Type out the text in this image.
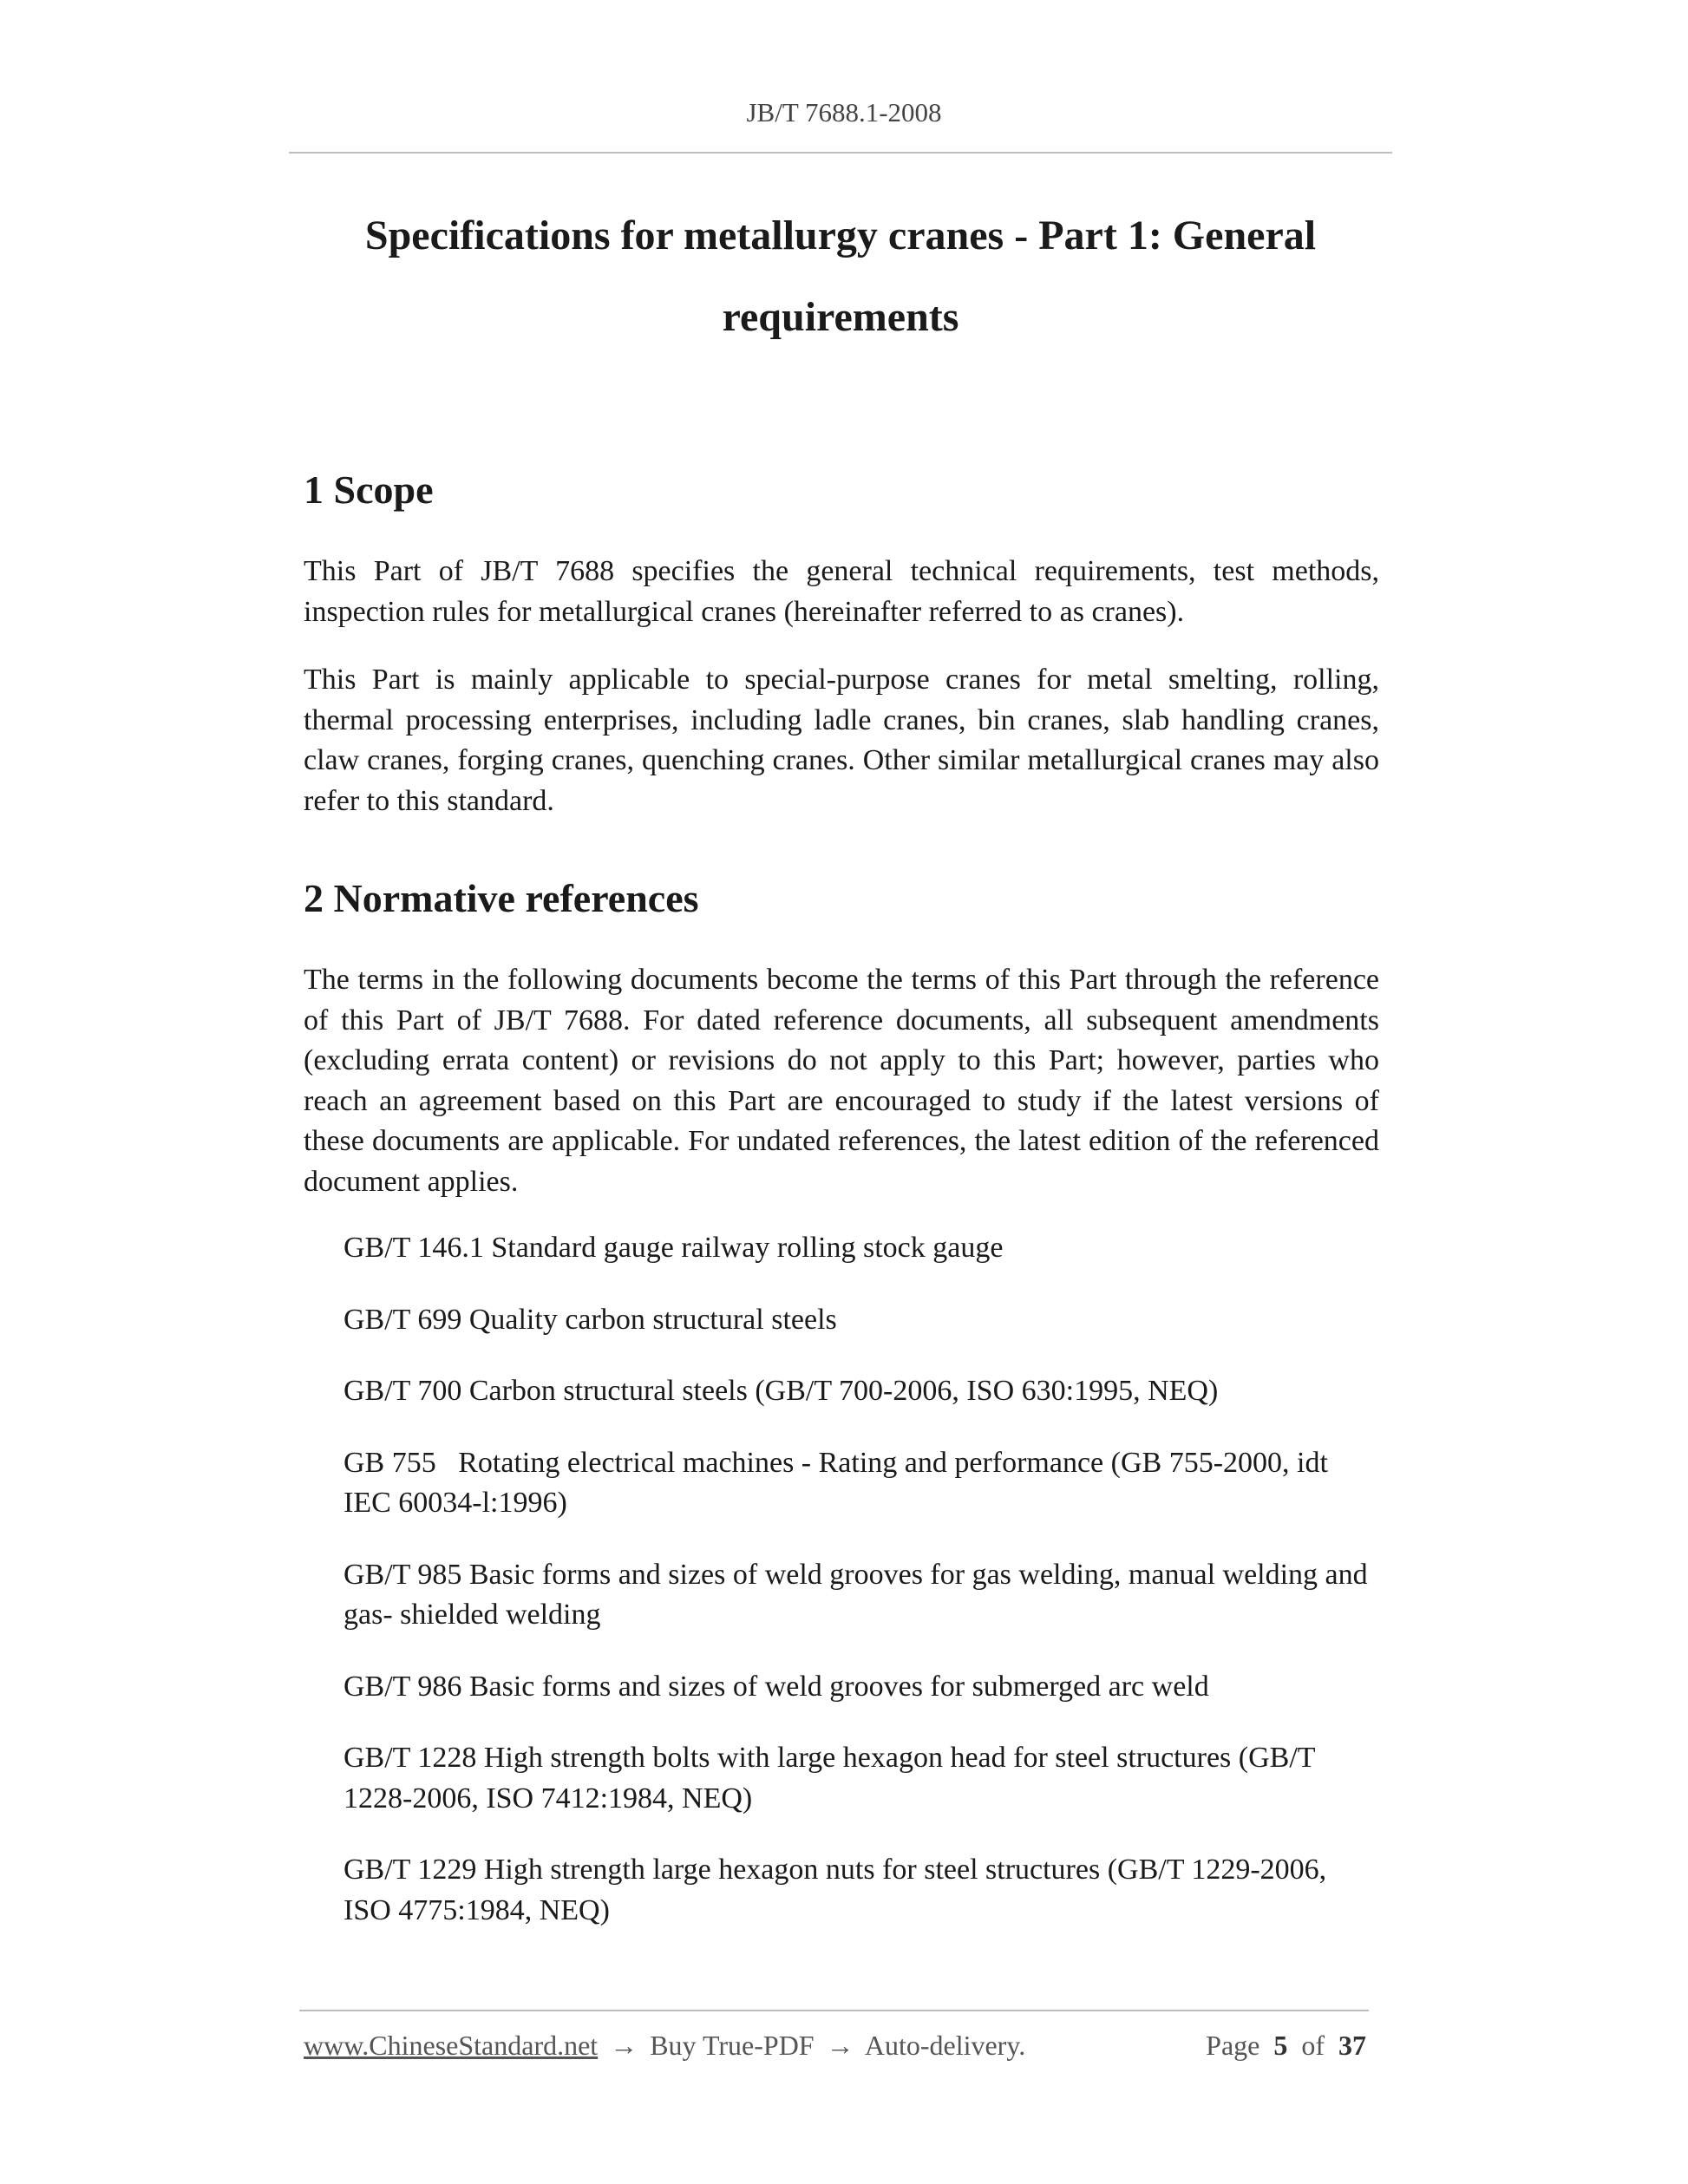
JB/T 7688.1-2008
Specifications for metallurgy cranes - Part 1: General
requirements
1 Scope

This Part of JB/T 7688 specifies the general technical requirements, test methods, inspection rules for metallurgical cranes (hereinafter referred to as cranes).

This Part is mainly applicable to special-purpose cranes for metal smelting, rolling, thermal processing enterprises, including ladle cranes, bin cranes, slab handling cranes, claw cranes, forging cranes, quenching cranes. Other similar metallurgical cranes may also refer to this standard.

2 Normative references

The terms in the following documents become the terms of this Part through the reference of this Part of JB/T 7688. For dated reference documents, all subsequent amendments (excluding errata content) or revisions do not apply to this Part; however, parties who reach an agreement based on this Part are encouraged to study if the latest versions of these documents are applicable. For undated references, the latest edition of the referenced document applies.

GB/T 146.1 Standard gauge railway rolling stock gauge
GB/T 699 Quality carbon structural steels
GB/T 700 Carbon structural steels (GB/T 700-2006, ISO 630:1995, NEQ)
GB 755   Rotating electrical machines - Rating and performance (GB 755-2000, idt IEC 60034-l:1996)
GB/T 985 Basic forms and sizes of weld grooves for gas welding, manual welding and gas- shielded welding
GB/T 986 Basic forms and sizes of weld grooves for submerged arc weld
GB/T 1228 High strength bolts with large hexagon head for steel structures (GB/T 1228-2006, ISO 7412:1984, NEQ)
GB/T 1229 High strength large hexagon nuts for steel structures (GB/T 1229-2006, ISO 4775:1984, NEQ)
www.ChineseStandard.net → Buy True-PDF → Auto-delivery.	Page 5 of 37
